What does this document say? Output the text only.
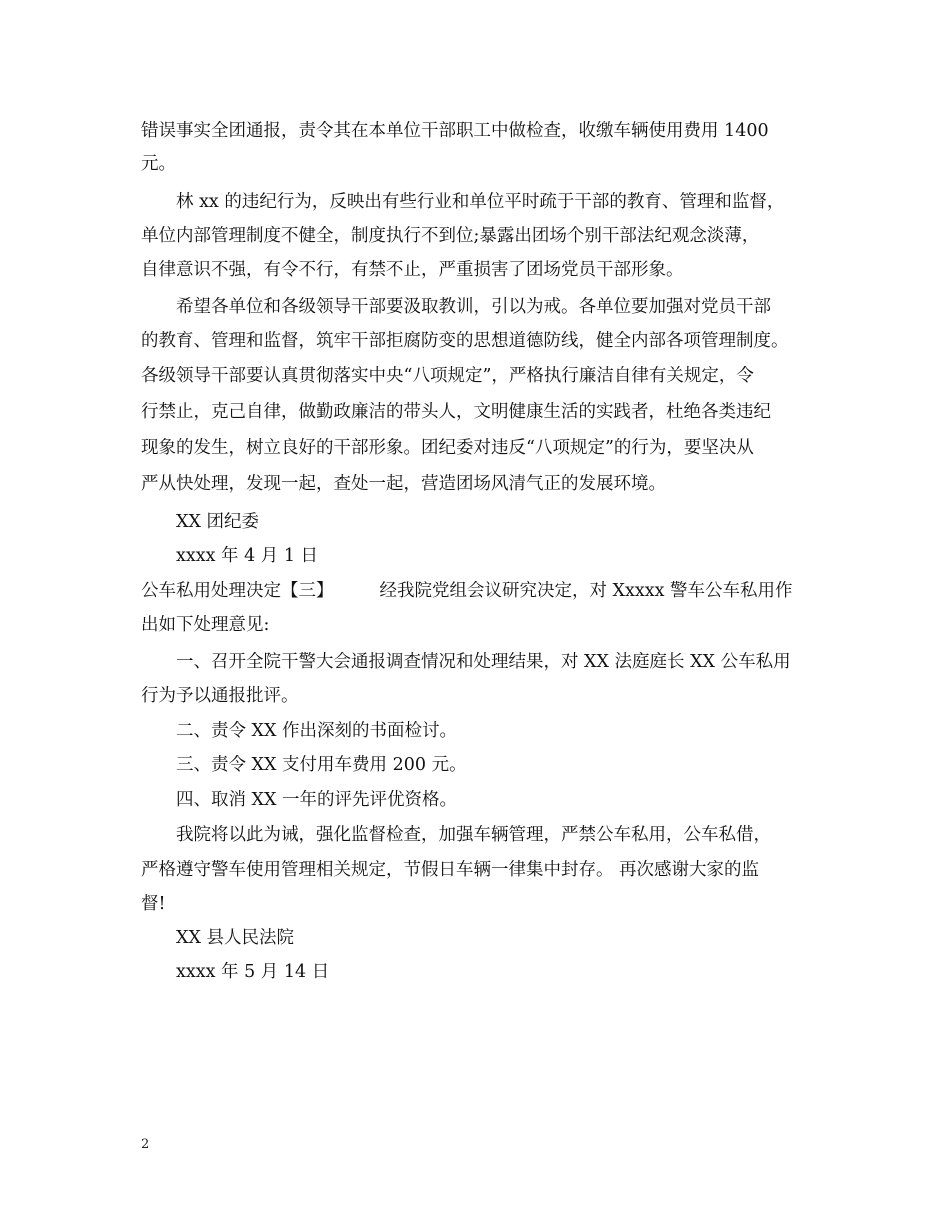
错误事实全团通报，责令其在本单位干部职工中做检查，收缴车辆使用费用 1400
元。
林 xx 的违纪行为，反映出有些行业和单位平时疏于干部的教育、管理和监督，
单位内部管理制度不健全，制度执行不到位;暴露出团场个别干部法纪观念淡薄，
自律意识不强，有令不行，有禁不止，严重损害了团场党员干部形象。
希望各单位和各级领导干部要汲取教训，引以为戒。各单位要加强对党员干部
的教育、管理和监督，筑牢干部拒腐防变的思想道德防线，健全内部各项管理制度。
各级领导干部要认真贯彻落实中央“八项规定”，严格执行廉洁自律有关规定，令
行禁止，克己自律，做勤政廉洁的带头人，文明健康生活的实践者，杜绝各类违纪
现象的发生，树立良好的干部形象。团纪委对违反“八项规定”的行为，要坚决从
严从快处理，发现一起，查处一起，营造团场风清气正的发展环境。
XX 团纪委
xxxx 年 4 月 1 日
公车私用处理决定【三】	经我院党组会议研究决定，对 Xxxxx 警车公车私用作
出如下处理意见:
一、召开全院干警大会通报调查情况和处理结果，对 XX 法庭庭长 XX 公车私用
行为予以通报批评。
二、责令 XX 作出深刻的书面检讨。
三、责令 XX 支付用车费用 200 元。
四、取消 XX 一年的评先评优资格。
我院将以此为诫，强化监督检查，加强车辆管理，严禁公车私用，公车私借，
严格遵守警车使用管理相关规定，节假日车辆一律集中封存。 再次感谢大家的监
督!
XX 县人民法院
xxxx 年 5 月 14 日
2
